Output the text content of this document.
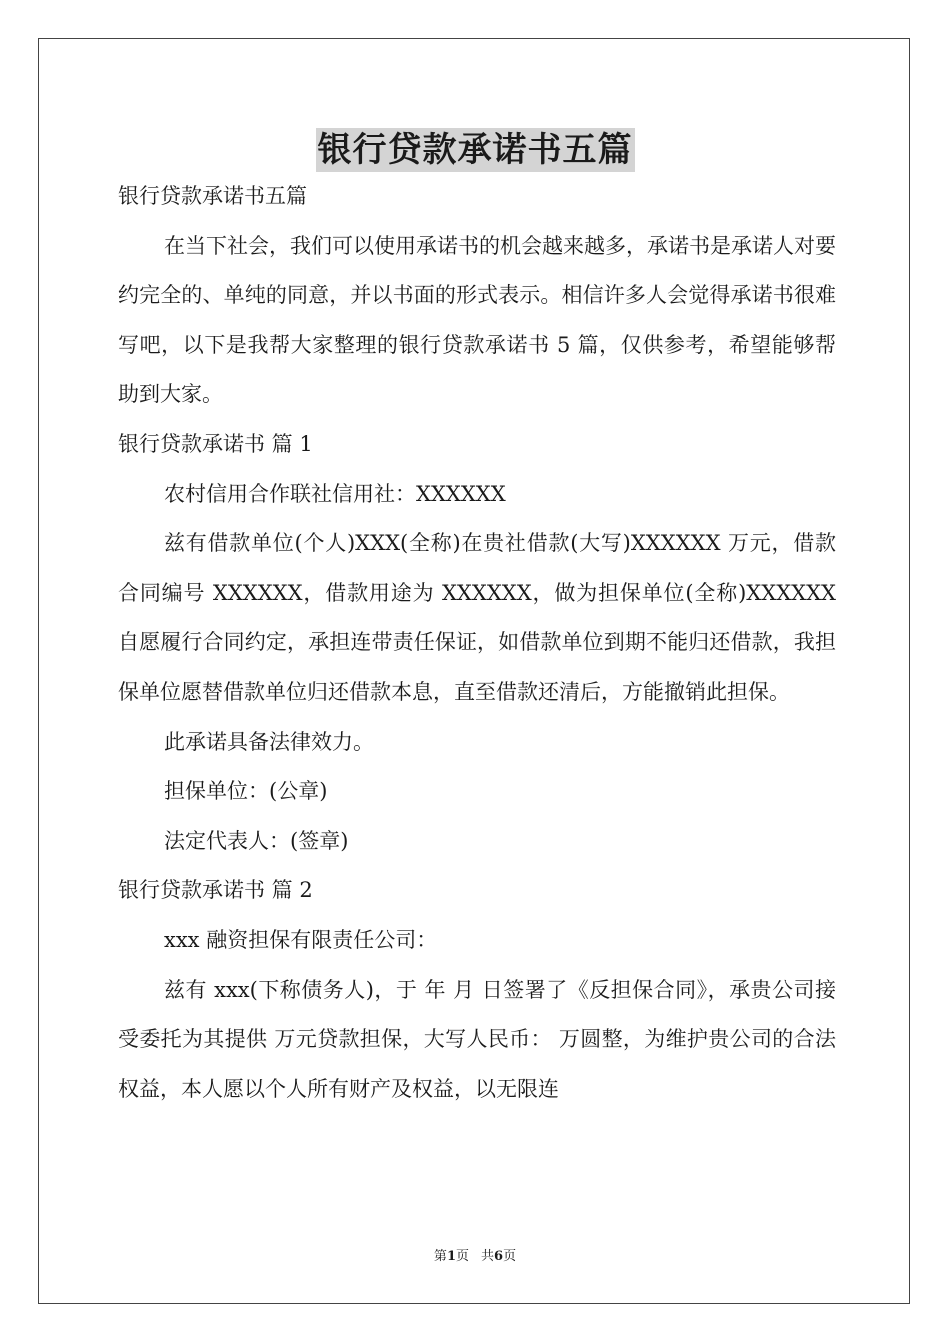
银行贷款承诺书五篇

银行贷款承诺书五篇

在当下社会，我们可以使用承诺书的机会越来越多，承诺书是承诺人对要约完全的、单纯的同意，并以书面的形式表示。相信许多人会觉得承诺书很难写吧，以下是我帮大家整理的银行贷款承诺书 5 篇，仅供参考，希望能够帮助到大家。

银行贷款承诺书 篇 1

农村信用合作联社信用社：XXXXXX

兹有借款单位(个人)XXX(全称)在贵社借款(大写)XXXXXX 万元，借款合同编号 XXXXXX，借款用途为 XXXXXX，做为担保单位(全称)XXXXXX 自愿履行合同约定，承担连带责任保证，如借款单位到期不能归还借款，我担保单位愿替借款单位归还借款本息，直至借款还清后，方能撤销此担保。

此承诺具备法律效力。

担保单位：(公章)

法定代表人：(签章)

银行贷款承诺书 篇 2

xxx 融资担保有限责任公司：

兹有 xxx(下称债务人)，于 年 月 日签署了《反担保合同》，承贵公司接受委托为其提供 万元贷款担保，大写人民币： 万圆整，为维护贵公司的合法权益，本人愿以个人所有财产及权益，以无限连

第1页 共6页
